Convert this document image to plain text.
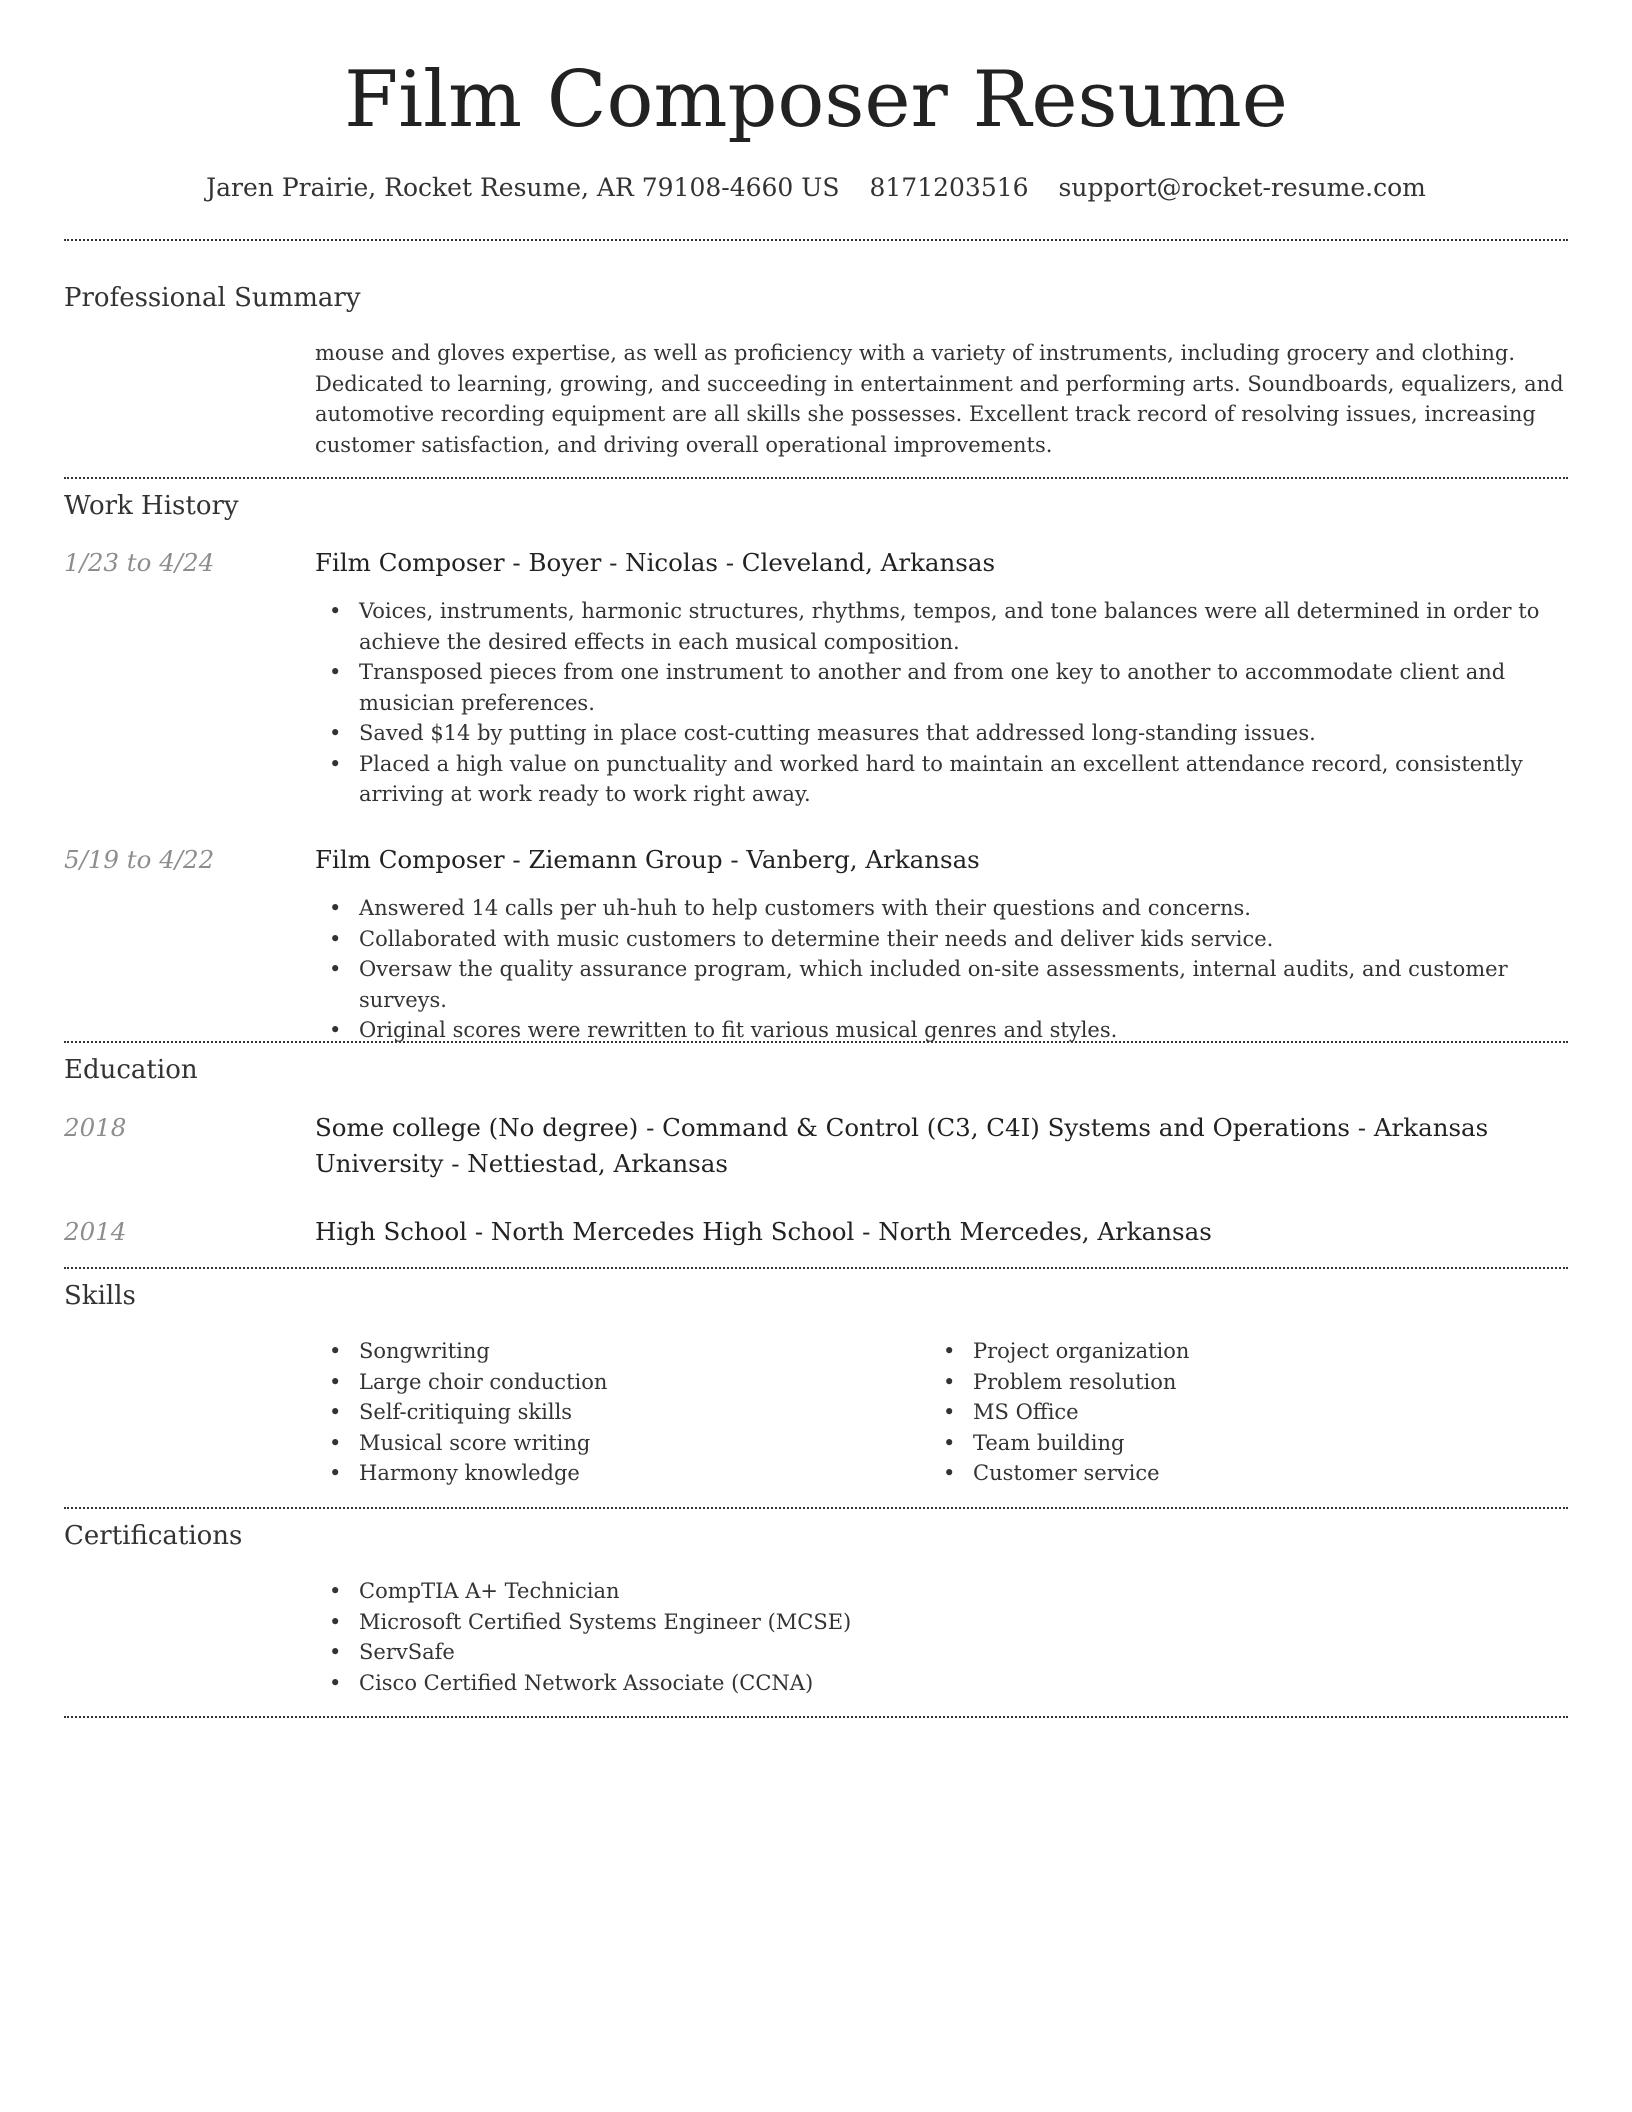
Film Composer Resume
Jaren Prairie, Rocket Resume, AR 79108-4660 US 8171203516 support@rocket-resume.com
Professional Summary
mouse and gloves expertise, as well as proficiency with a variety of instruments, including grocery and clothing. Dedicated to learning, growing, and succeeding in entertainment and performing arts. Soundboards, equalizers, and automotive recording equipment are all skills she possesses. Excellent track record of resolving issues, increasing customer satisfaction, and driving overall operational improvements.
Work History
1/23 to 4/24	Film Composer - Boyer - Nicolas - Cleveland, Arkansas
• Voices, instruments, harmonic structures, rhythms, tempos, and tone balances were all determined in order to achieve the desired effects in each musical composition.
• Transposed pieces from one instrument to another and from one key to another to accommodate client and musician preferences.
• Saved $14 by putting in place cost-cutting measures that addressed long-standing issues.
• Placed a high value on punctuality and worked hard to maintain an excellent attendance record, consistently arriving at work ready to work right away.
5/19 to 4/22	Film Composer - Ziemann Group - Vanberg, Arkansas
• Answered 14 calls per uh-huh to help customers with their questions and concerns.
• Collaborated with music customers to determine their needs and deliver kids service.
• Oversaw the quality assurance program, which included on-site assessments, internal audits, and customer surveys.
• Original scores were rewritten to fit various musical genres and styles.
Education
2018	Some college (No degree) - Command & Control (C3, C4I) Systems and Operations - Arkansas University - Nettiestad, Arkansas
2014	High School - North Mercedes High School - North Mercedes, Arkansas
Skills
• Songwriting
• Large choir conduction
• Self-critiquing skills
• Musical score writing
• Harmony knowledge
• Project organization
• Problem resolution
• MS Office
• Team building
• Customer service
Certifications
• CompTIA A+ Technician
• Microsoft Certified Systems Engineer (MCSE)
• ServSafe
• Cisco Certified Network Associate (CCNA)
